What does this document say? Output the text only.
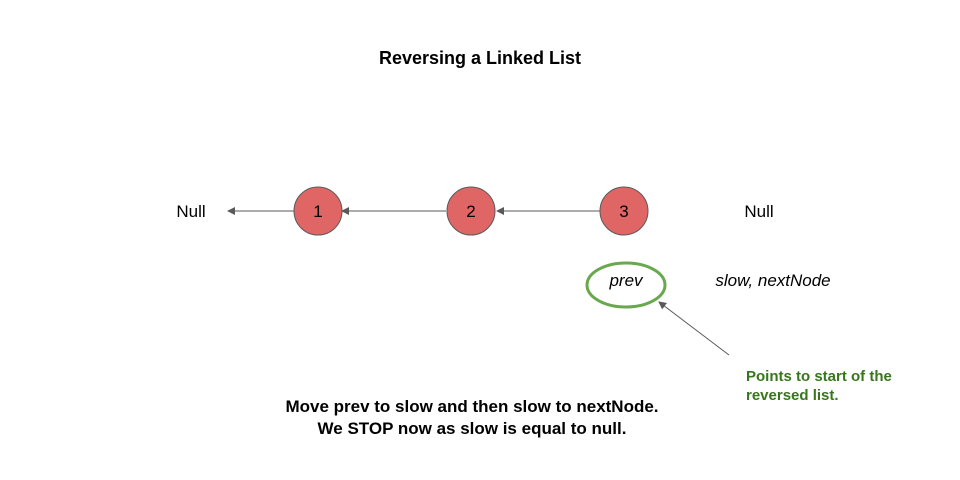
Reversing a Linked List
Null	1	2	3	Null
prev	slow, nextNode
Points to start of the
reversed list.
Move prev to slow and then slow to nextNode.
We STOP now as slow is equal to null.
